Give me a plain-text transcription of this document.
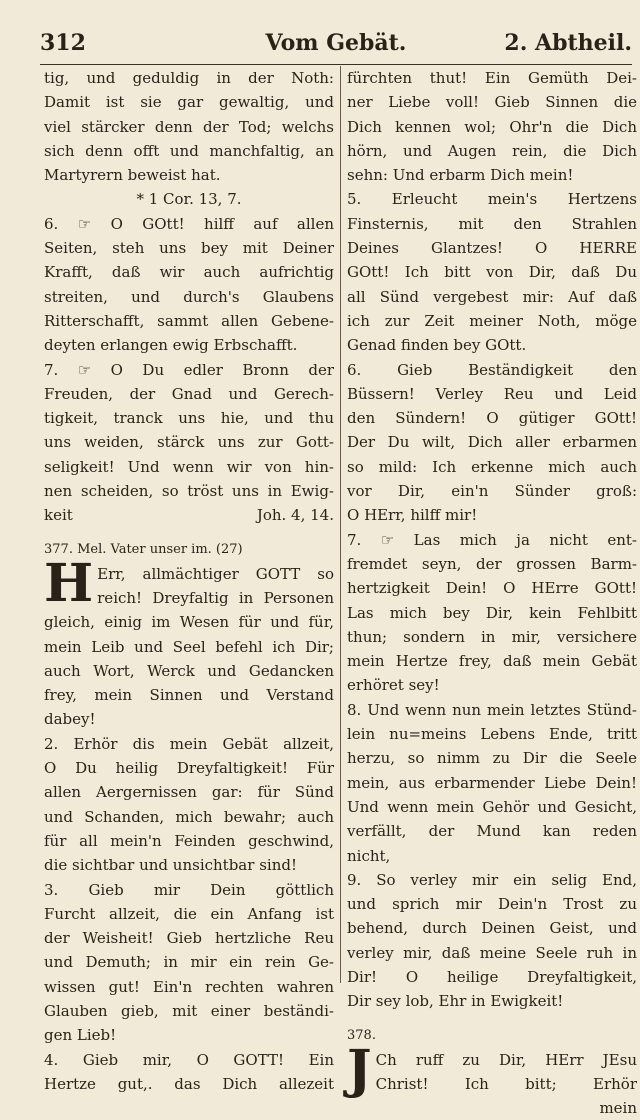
312	Vom Gebät.	2. Abtheil.
tig, und geduldig in der Noth:
Damit ist sie gar gewaltig, und
viel stärcker denn der Tod; welchs
sich denn offt und manchfaltig, an
Martyrern beweist hat.
* 1 Cor. 13, 7.
6. ☞ O GOtt! hilff auf allen
Seiten, steh uns bey mit Deiner
Krafft, daß wir auch aufrichtig
streiten, und durch's Glaubens
Ritterschafft, sammt allen Gebene-
deyten erlangen ewig Erbschafft.
7. ☞ O Du edler Bronn der
Freuden, der Gnad und Gerech-
tigkeit, tranck uns hie, und thu
uns weiden, stärck uns zur Gott-
seligkeit! Und wenn wir von hin-
nen scheiden, so tröst uns in Ewig-
keit	Joh. 4, 14.
377. Mel. Vater unser im. (27)
H Err, allmächtiger GOTT so
reich! Dreyfaltig in Personen
gleich, einig im Wesen für und für,
mein Leib und Seel befehl ich Dir;
auch Wort, Werck und Gedancken
frey, mein Sinnen und Verstand
dabey!
2. Erhör dis mein Gebät allzeit,
O Du heilig Dreyfaltigkeit! Für
allen Aergernissen gar: für Sünd
und Schanden, mich bewahr; auch
für all mein'n Feinden geschwind,
die sichtbar und unsichtbar sind!
3. Gieb mir Dein göttlich
Furcht allzeit, die ein Anfang ist
der Weisheit! Gieb hertzliche Reu
und Demuth; in mir ein rein Ge-
wissen gut! Ein'n rechten wahren
Glauben gieb, mit einer beständi-
gen Lieb!
4. Gieb mir, O GOTT! Ein
Hertze gut,. das Dich allezeit
fürchten thut! Ein Gemüth Dei-
ner Liebe voll! Gieb Sinnen die
Dich kennen wol; Ohr'n die Dich
hörn, und Augen rein, die Dich
sehn: Und erbarm Dich mein!
5. Erleucht mein's Hertzens
Finsternis, mit den Strahlen
Deines Glantzes! O HERRE
GOtt! Ich bitt von Dir, daß Du
all Sünd vergebest mir: Auf daß
ich zur Zeit meiner Noth, möge
Genad finden bey GOtt.
6. Gieb Beständigkeit den
Büssern! Verley Reu und Leid
den Sündern! O gütiger GOtt!
Der Du wilt, Dich aller erbarmen
so mild: Ich erkenne mich auch
vor Dir, ein'n Sünder groß:
O HErr, hilff mir!
7. ☞ Las mich ja nicht ent-
fremdet seyn, der grossen Barm-
hertzigkeit Dein! O HErre GOtt!
Las mich bey Dir, kein Fehlbitt
thun; sondern in mir, versichere
mein Hertze frey, daß mein Gebät
erhöret sey!
8. Und wenn nun mein letztes Stünd-
lein nu=meins Lebens Ende, tritt
herzu, so nimm zu Dir die Seele
mein, aus erbarmender Liebe Dein!
Und wenn mein Gehör und Gesicht,
verfällt, der Mund kan reden
nicht,
9. So verley mir ein selig End,
und sprich mir Dein'n Trost zu
behend, durch Deinen Geist, und
verley mir, daß meine Seele ruh in
Dir! O heilige Dreyfaltigkeit,
Dir sey lob, Ehr in Ewigkeit!
378.
J Ch ruff zu Dir, HErr JEsu
Christ! Ich bitt; Erhör
mein
